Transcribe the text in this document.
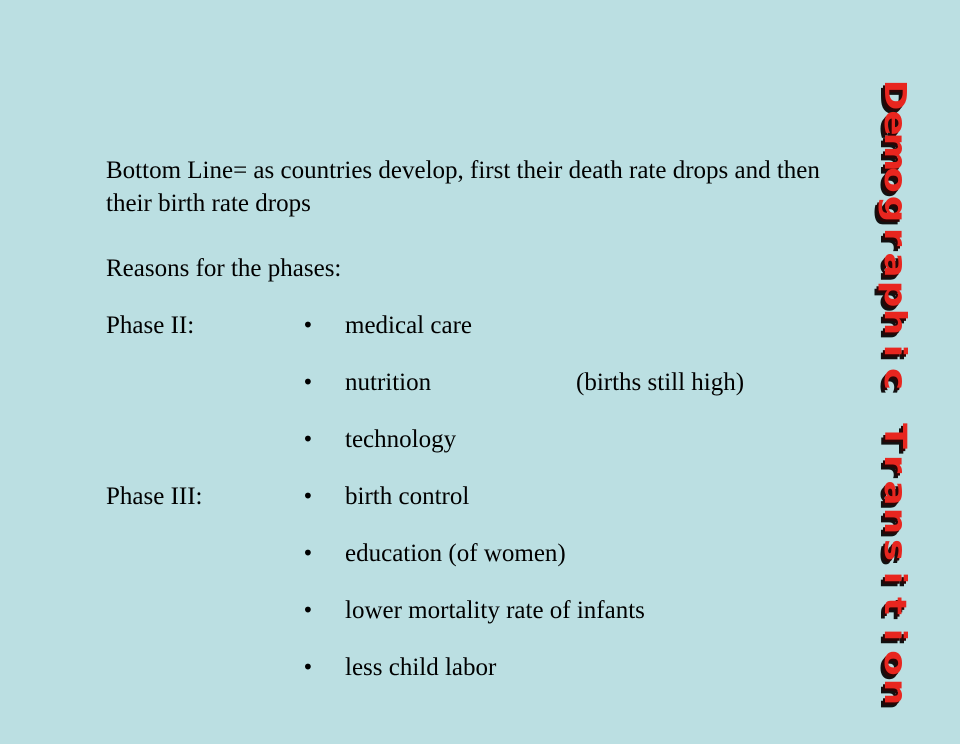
Bottom Line= as countries develop, first their death rate drops and then their birth rate drops

Reasons for the phases:

Phase II:	• medical care
• nutrition	(births still high)
• technology
Phase III:	• birth control
• education (of women)
• lower mortality rate of infants
• less child labor
D
e
m
o
g
r
a
p
h
i
c

T
r
a
n
s
i
t
i
o
n
